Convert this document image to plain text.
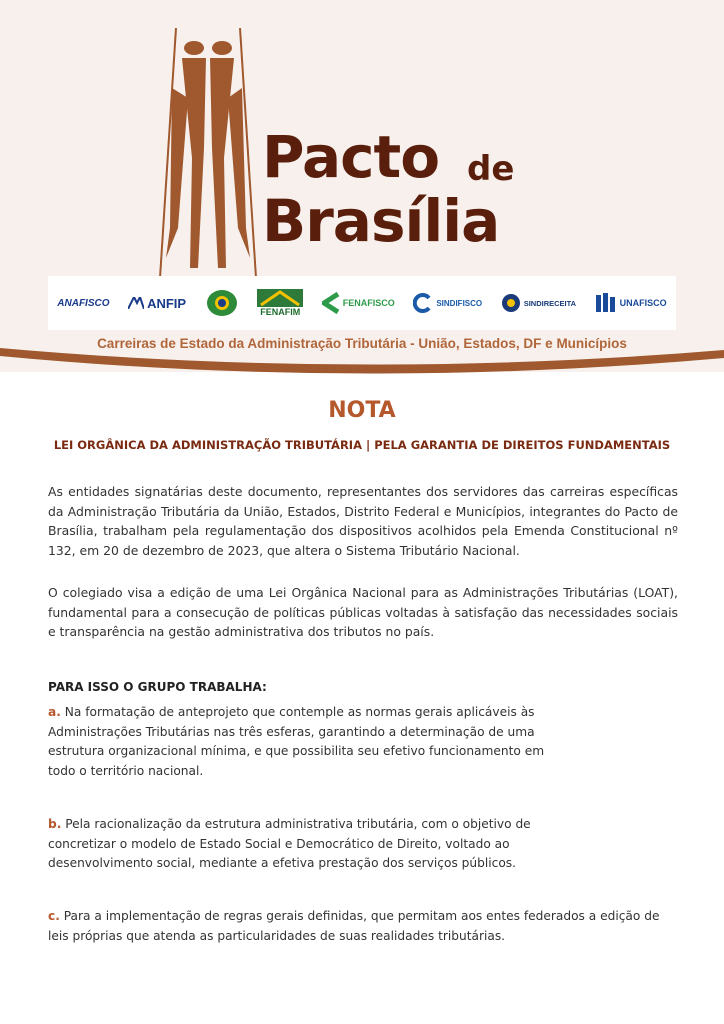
Pacto de
Brasília
ANAFISCO	ANFIP
FENAFIM
FENAFISCO	SINDIFISCO	SINDIRECEITA	UNAFISCO
Carreiras de Estado da Administração Tributária - União, Estados, DF e Municípios
NOTA
LEI ORGÂNICA DA ADMINISTRAÇÃO TRIBUTÁRIA | PELA GARANTIA DE DIREITOS FUNDAMENTAIS

As entidades signatárias deste documento, representantes dos servidores das carreiras específicas da Administração Tributária da União, Estados, Distrito Federal e Municípios, integrantes do Pacto de Brasília, trabalham pela regulamentação dos dispositivos acolhidos pela Emenda Constitucional nº 132, em 20 de dezembro de 2023, que altera o Sistema Tributário Nacional.

O colegiado visa a edição de uma Lei Orgânica Nacional para as Administrações Tributárias (LOAT), fundamental para a consecução de políticas públicas voltadas à satisfação das necessidades sociais e transparência na gestão administrativa dos tributos no país.

PARA ISSO O GRUPO TRABALHA:

a. Na formatação de anteprojeto que contemple as normas gerais aplicáveis às Administrações Tributárias nas três esferas, garantindo a determinação de uma estrutura organizacional mínima, e que possibilita seu efetivo funcionamento em todo o território nacional.

b. Pela racionalização da estrutura administrativa tributária, com o objetivo de concretizar o modelo de Estado Social e Democrático de Direito, voltado ao desenvolvimento social, mediante a efetiva prestação dos serviços públicos.

c. Para a implementação de regras gerais definidas, que permitam aos entes federados a edição de leis próprias que atenda as particularidades de suas realidades tributárias.
